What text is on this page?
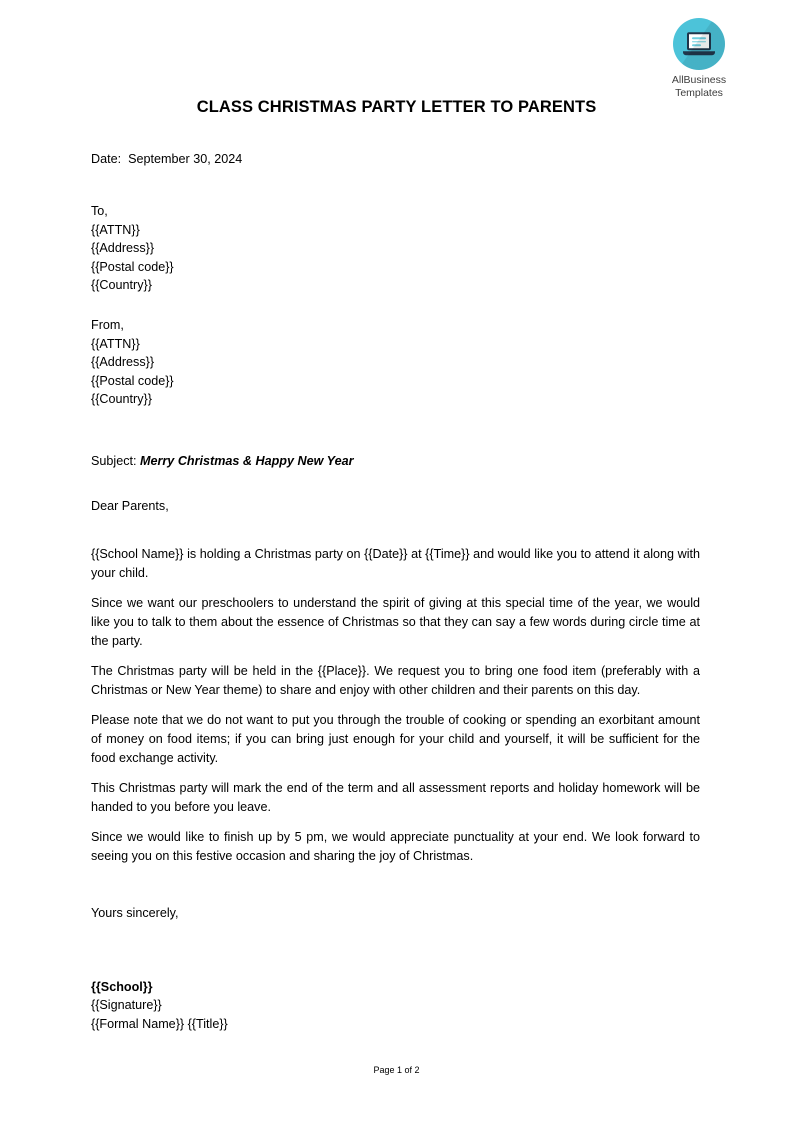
AllBusiness
Templates
CLASS CHRISTMAS PARTY LETTER TO PARENTS
Date:  September 30, 2024
To,
{{ATTN}}
{{Address}}
{{Postal code}}
{{Country}}
From,
{{ATTN}}
{{Address}}
{{Postal code}}
{{Country}}
Subject: Merry Christmas & Happy New Year
Dear Parents,

{{School Name}} is holding a Christmas party on {{Date}} at {{Time}} and would like you to attend it along with your child.

Since we want our preschoolers to understand the spirit of giving at this special time of the year, we would like you to talk to them about the essence of Christmas so that they can say a few words during circle time at the party.

The Christmas party will be held in the {{Place}}. We request you to bring one food item (preferably with a Christmas or New Year theme) to share and enjoy with other children and their parents on this day.

Please note that we do not want to put you through the trouble of cooking or spending an exorbitant amount of money on food items; if you can bring just enough for your child and yourself, it will be sufficient for the food exchange activity.

This Christmas party will mark the end of the term and all assessment reports and holiday homework will be handed to you before you leave.

Since we would like to finish up by 5 pm, we would appreciate punctuality at your end. We look forward to seeing you on this festive occasion and sharing the joy of Christmas.

Yours sincerely,
{{School}}
{{Signature}}
{{Formal Name}} {{Title}}
Page 1 of 2
